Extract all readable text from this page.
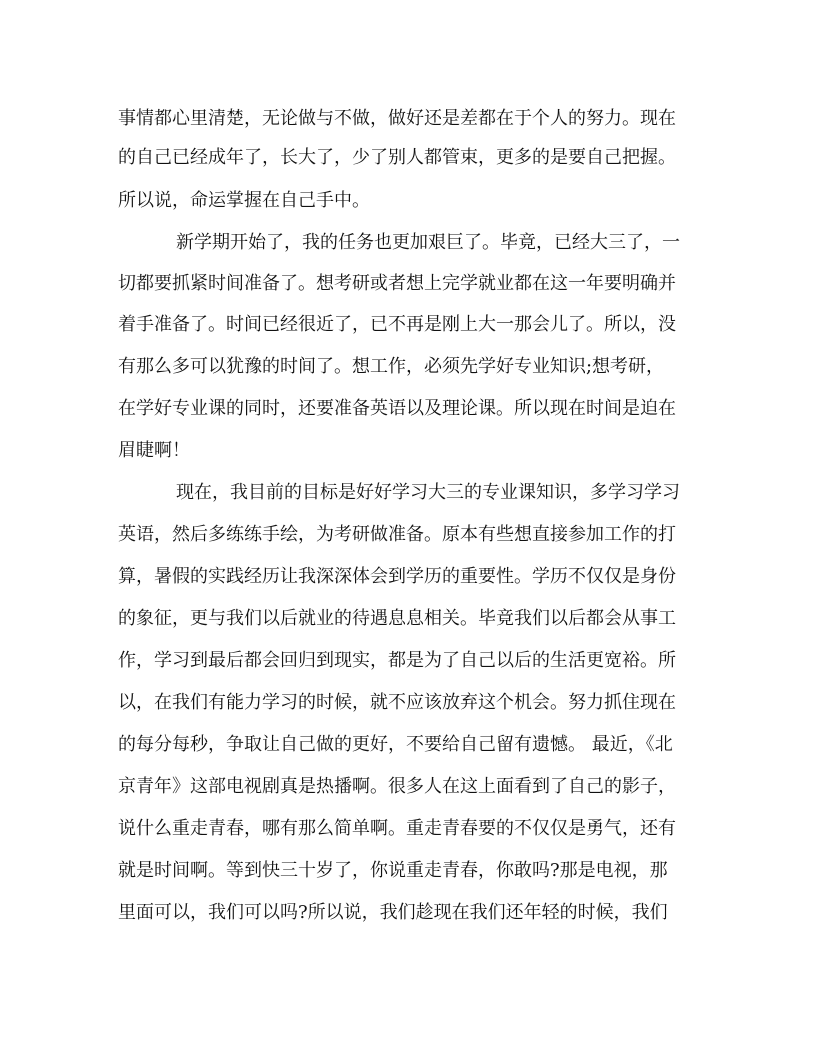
事情都心里清楚，无论做与不做，做好还是差都在于个人的努力。现在
的自己已经成年了，长大了，少了别人都管束，更多的是要自己把握。
所以说，命运掌握在自己手中。
新学期开始了，我的任务也更加艰巨了。毕竟，已经大三了，一
切都要抓紧时间准备了。想考研或者想上完学就业都在这一年要明确并
着手准备了。时间已经很近了，已不再是刚上大一那会儿了。所以，没
有那么多可以犹豫的时间了。想工作，必须先学好专业知识;想考研，
在学好专业课的同时，还要准备英语以及理论课。所以现在时间是迫在
眉睫啊！
现在，我目前的目标是好好学习大三的专业课知识，多学习学习
英语，然后多练练手绘，为考研做准备。原本有些想直接参加工作的打
算，暑假的实践经历让我深深体会到学历的重要性。学历不仅仅是身份
的象征，更与我们以后就业的待遇息息相关。毕竟我们以后都会从事工
作，学习到最后都会回归到现实，都是为了自己以后的生活更宽裕。所
以，在我们有能力学习的时候，就不应该放弃这个机会。努力抓住现在
的每分每秒，争取让自己做的更好，不要给自己留有遗憾。 最近，《北
京青年》这部电视剧真是热播啊。很多人在这上面看到了自己的影子，
说什么重走青春，哪有那么简单啊。重走青春要的不仅仅是勇气，还有
就是时间啊。等到快三十岁了，你说重走青春，你敢吗?那是电视，那
里面可以，我们可以吗?所以说，我们趁现在我们还年轻的时候，我们
